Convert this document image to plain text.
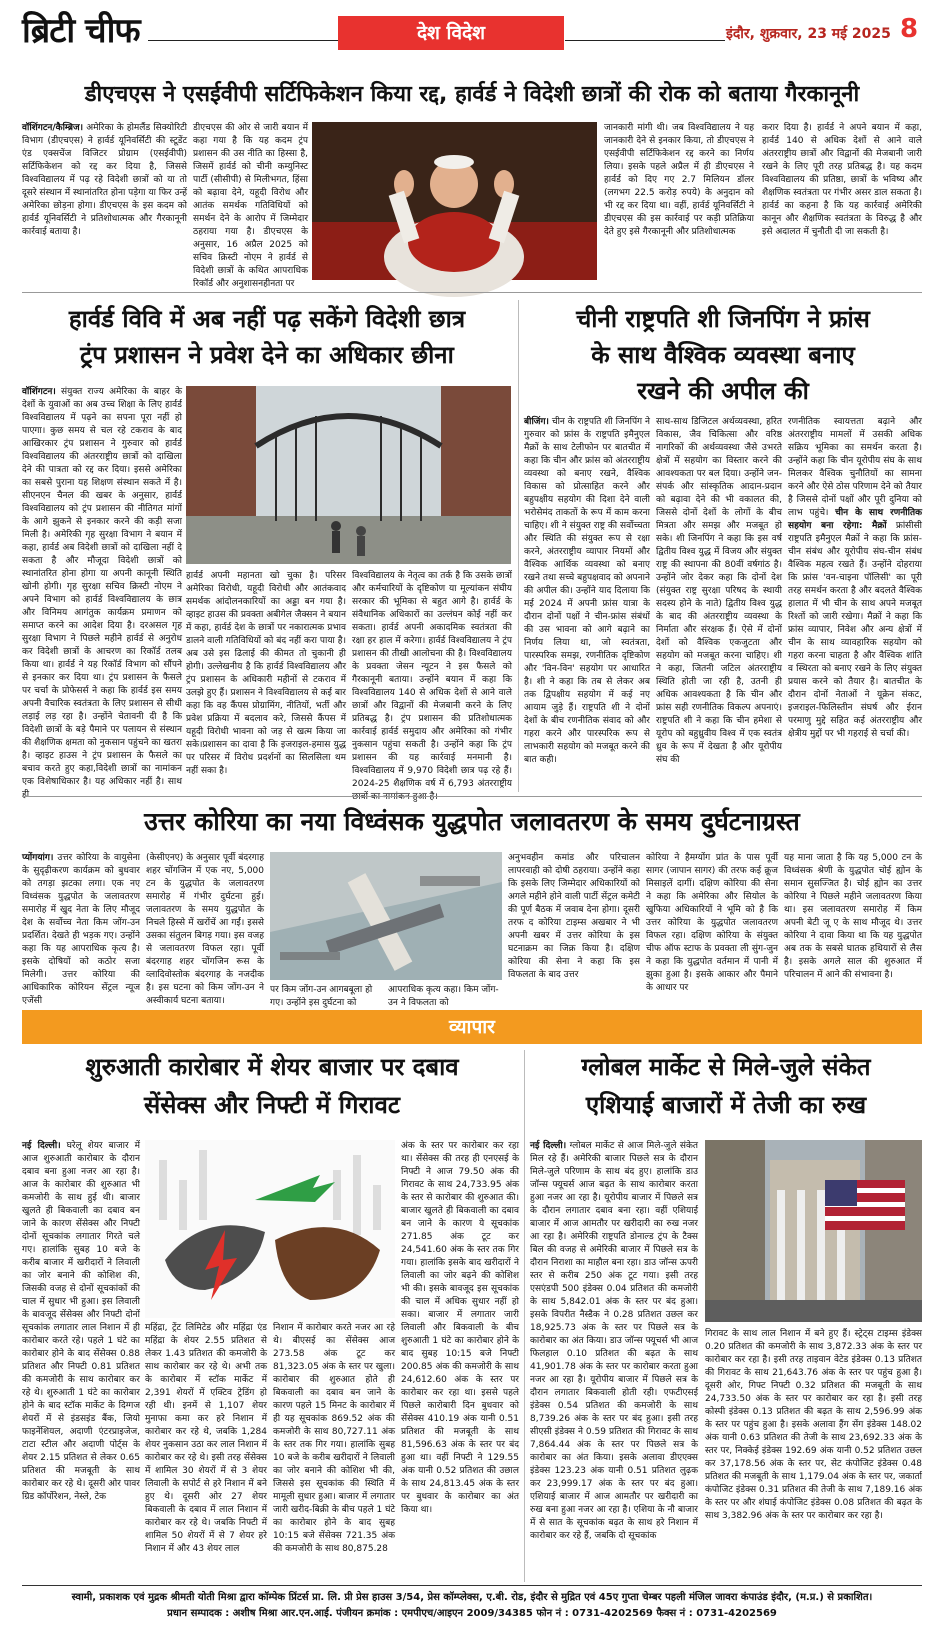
ब्रिटी चीफ	देश विदेश	इंदौर, शुक्रवार, 23 मई 2025 8
डीएचएस ने एसईवीपी सर्टिफिकेशन किया रद्द, हार्वर्ड ने विदेशी छात्रों की रोक को बताया गैरकानूनी
वॉशिंगटन/कैम्ब्रिज। अमेरिका के होमलैंड सिक्योरिटी विभाग (डीएचएस) ने हार्वर्ड यूनिवर्सिटी की स्टूडेंट एंड एक्सचेंज विजिटर प्रोग्राम (एसईवीपी) सर्टिफिकेशन को रद्द कर दिया है, जिससे विश्वविद्यालय में पढ़ रहे विदेशी छात्रों को या तो दूसरे संस्थान में स्थानांतरित होना पड़ेगा या फिर उन्हें अमेरिका छोड़ना होगा। डीएचएस के इस कदम को हार्वर्ड यूनिवर्सिटी ने प्रतिशोधात्मक और गैरकानूनी कार्रवाई बताया है।
डीएचएस की ओर से जारी बयान में कहा गया है कि यह कदम ट्रंप प्रशासन की उस नीति का हिस्सा है, जिसमें हार्वर्ड को चीनी कम्युनिस्ट पार्टी (सीसीपी) से मिलीभगत, हिंसा को बढ़ावा देने, यहूदी विरोध और आतंक समर्थक गतिविधियों को समर्थन देने के आरोप में जिम्मेदार ठहराया गया है। डीएचएस के अनुसार, 16 अप्रैल 2025 को सचिव क्रिस्टी नोएम ने हार्वर्ड से विदेशी छात्रों के कथित आपराधिक रिकॉर्ड और अनुशासनहीनता पर
जानकारी मांगी थी। जब विश्वविद्यालय ने यह जानकारी देने से इनकार किया, तो डीएचएस ने एसईवीपी सर्टिफिकेशन रद्द करने का निर्णय लिया। इसके पहले अप्रैल में ही डीएचएस ने हार्वर्ड को दिए गए 2.7 मिलियन डॉलर (लगभग 22.5 करोड़ रुपये) के अनुदान को भी रद्द कर दिया था। वहीं, हार्वर्ड यूनिवर्सिटी ने डीएचएस की इस कार्रवाई पर कड़ी प्रतिक्रिया देते हुए इसे गैरकानूनी और प्रतिशोधात्मक
करार दिया है। हार्वर्ड ने अपने बयान में कहा, हार्वर्ड 140 से अधिक देशों से आने वाले अंतरराष्ट्रीय छात्रों और विद्वानों की मेजबानी जारी रखने के लिए पूरी तरह प्रतिबद्ध है। यह कदम विश्वविद्यालय की प्रतिष्ठा, छात्रों के भविष्य और शैक्षणिक स्वतंत्रता पर गंभीर असर डाल सकता है। हार्वर्ड का कहना है कि यह कार्रवाई अमेरिकी कानून और शैक्षणिक स्वतंत्रता के विरुद्ध है और इसे अदालत में चुनौती दी जा सकती है।
हार्वर्ड विवि में अब नहीं पढ़ सकेंगे विदेशी छात्र
ट्रंप प्रशासन ने प्रवेश देने का अधिकार छीना
वॉशिंगटन। संयुक्त राज्य अमेरिका के बाहर के देशों के युवाओं का अब उच्च शिक्षा के लिए हार्वर्ड विश्वविद्यालय में पढ़ने का सपना पूरा नहीं हो पाएगा। कुछ समय से चल रहे टकराव के बाद आखिरकार ट्रंप प्रशासन ने गुरुवार को हार्वर्ड विश्वविद्यालय की अंतरराष्ट्रीय छात्रों को दाखिला देने की पात्रता को रद्द कर दिया। इससे अमेरिका का सबसे पुराना यह शिक्षण संस्थान सकते में है। सीएनएन चैनल की खबर के अनुसार, हार्वर्ड विश्वविद्यालय को ट्रंप प्रशासन की नीतिगत मांगों के आगे झुकने से इनकार करने की कड़ी सजा मिली है। अमेरिकी गृह सुरक्षा विभाग ने बयान में कहा, हार्वर्ड अब विदेशी छात्रों को दाखिला नहीं दे सकता है और मौजूदा विदेशी छात्रों को स्थानांतरित होना होगा या अपनी कानूनी स्थिति खोनी होगी। गृह सुरक्षा सचिव क्रिस्टी नोएम ने अपने विभाग को हार्वर्ड विश्वविद्यालय के छात्र और विनिमय आगंतुक कार्यक्रम प्रमाणन को समाप्त करने का आदेश दिया है। दरअसल गृह सुरक्षा विभाग ने पिछले महीने हार्वर्ड से अनुरोध कर विदेशी छात्रों के आचरण का रिकॉर्ड तलब किया था। हार्वर्ड ने यह रिकॉर्ड विभाग को सौंपने से इनकार कर दिया था। ट्रंप प्रशासन के फैसले पर चर्चा के प्रोफेसर्स ने कहा कि हार्वर्ड इस समय अपनी वैचारिक स्वतंत्रता के लिए प्रशासन से सीधी लड़ाई लड़ रहा है। उन्होंने चेतावनी दी है कि विदेशी छात्रों के बड़े पैमाने पर पलायन से संस्थान की शैक्षणिक क्षमता को नुकसान पहुंचने का खतरा है। व्हाइट हाउस ने ट्रंप प्रशासन के फैसले का बचाव करते हुए कहा,विदेशी छात्रों का नामांकन एक विशेषाधिकार है। यह अधिकार नहीं है। साथ ही
हार्वर्ड अपनी महानता खो चुका है। परिसर अमेरिका विरोधी, यहूदी विरोधी और आतंकवाद समर्थक आंदोलनकारियों का अड्डा बन गया है। व्हाइट हाउस की प्रवक्ता अबीगेल जैक्सन ने बयान में कहा, हार्वर्ड देश के छात्रों पर नकारात्मक प्रभाव डालने वाली गतिविधियों को बंद नहीं करा पाया है। अब उसे इस ढिलाई की कीमत तो चुकानी ही होगी। उल्लेखनीय है कि हार्वर्ड विश्वविद्यालय और ट्रंप प्रशासन के अधिकारी महीनों से टकराव में उलझे हुए हैं। प्रशासन ने विश्वविद्यालय से कई बार कहा कि वह कैंपस प्रोग्रामिंग, नीतियों, भर्ती और प्रवेश प्रक्रिया में बदलाव करे, जिससे कैंपस में यहूदी विरोधी भावना को जड़ से खत्म किया जा सके।प्रशासन का दावा है कि इजराइल-हमास युद्ध पर परिसर में विरोध प्रदर्शनों का सिलसिला थम नहीं सका है।
विश्वविद्यालय के नेतृत्व का तर्क है कि उसके छात्रों और कर्मचारियों के दृष्टिकोण या मूल्यांकन संघीय सरकार की भूमिका से बहुत आगे है। हार्वर्ड के संवैधानिक अधिकारों का उल्लंघन कोई नहीं कर सकता। हार्वर्ड अपनी अकादमिक स्वतंत्रता की रक्षा हर हाल में करेगा। हार्वर्ड विश्वविद्यालय ने ट्रंप प्रशासन की तीखी आलोचना की है। विश्वविद्यालय के प्रवक्ता जेसन न्यूटन ने इस फैसले को गैरकानूनी बताया। उन्होंने बयान में कहा कि विश्वविद्यालय 140 से अधिक देशों से आने वाले छात्रों और विद्वानों की मेजबानी करने के लिए प्रतिबद्ध है। ट्रंप प्रशासन की प्रतिशोधात्मक कार्रवाई हार्वर्ड समुदाय और अमेरिका को गंभीर नुकसान पहुंचा सकती है। उन्होंने कहा कि ट्रंप प्रशासन की यह कार्रवाई मनमानी है। विश्वविद्यालय में 9,970 विदेशी छात्र पढ़ रहे हैं। 2024-25 शैक्षणिक वर्ष में 6,793 अंतरराष्ट्रीय छात्रों का नामांकन हुआ है।
चीनी राष्ट्रपति शी जिनपिंग ने फ्रांस
के साथ वैश्विक व्यवस्था बनाए
रखने की अपील की
बीजिंग। चीन के राष्ट्रपति शी जिनपिंग ने गुरुवार को फ्रांस के राष्ट्रपति इमैनुएल मैक्रों के साथ टेलीफोन पर बातचीत में कहा कि चीन और फ्रांस को अंतरराष्ट्रीय व्यवस्था को बनाए रखने, वैश्विक विकास को प्रोत्साहित करने और बहुपक्षीय सहयोग की दिशा देने वाली भरोसेमंद ताकतों के रूप में काम करना चाहिए। शी ने संयुक्त राष्ट्र की सर्वोच्चता और स्थिति की संयुक्त रूप से रक्षा करने, अंतरराष्ट्रीय व्यापार नियमों और वैश्विक आर्थिक व्यवस्था को बनाए रखने तथा सच्चे बहुपक्षवाद को अपनाने की अपील की। उन्होंने याद दिलाया कि मई 2024 में अपनी फ्रांस यात्रा के दौरान दोनों पक्षों ने चीन-फ्रांस संबंधों की उस भावना को आगे बढ़ाने का निर्णय लिया था, जो स्वतंत्रता, पारस्परिक समझ, रणनीतिक दृष्टिकोण और 'विन-विन' सहयोग पर आधारित है। शी ने कहा कि तब से लेकर अब तक द्विपक्षीय सहयोग में कई नए आयाम जुड़े हैं। राष्ट्रपति शी ने दोनों देशों के बीच रणनीतिक संवाद को और गहरा करने और पारस्परिक रूप से लाभकारी सहयोग को मजबूत करने की बात कही।
साथ-साथ डिजिटल अर्थव्यवस्था, हरित विकास, जैव चिकित्सा और वरिष्ठ नागरिकों की अर्थव्यवस्था जैसे उभरते क्षेत्रों में सहयोग का विस्तार करने की आवश्यकता पर बल दिया। उन्होंने जन-संपर्क और सांस्कृतिक आदान-प्रदान को बढ़ावा देने की भी वकालत की, जिससे दोनों देशों के लोगों के बीच मित्रता और समझ और मजबूत हो सके। शी जिनपिंग ने कहा कि इस वर्ष द्वितीय विश्व युद्ध में विजय और संयुक्त राष्ट्र की स्थापना की 80वीं वर्षगांठ है। उन्होंने जोर देकर कहा कि दोनों देश (संयुक्त राष्ट्र सुरक्षा परिषद के स्थायी सदस्य होने के नाते) द्वितीय विश्व युद्ध के बाद की अंतरराष्ट्रीय व्यवस्था के निर्माता और संरक्षक हैं। ऐसे में दोनों देशों को वैश्विक एकजुटता और सहयोग को मजबूत करना चाहिए। शी ने कहा, जितनी जटिल अंतरराष्ट्रीय स्थिति होती जा रही है, उतनी ही अधिक आवश्यकता है कि चीन और फ्रांस सही रणनीतिक विकल्प अपनाएं। राष्ट्रपति शी ने कहा कि चीन हमेशा से यूरोप को बहुध्रुवीय विश्व में एक स्वतंत्र ध्रुव के रूप में देखता है और यूरोपीय संघ की
रणनीतिक स्वायत्तता बढ़ाने और अंतरराष्ट्रीय मामलों में उसकी अधिक सक्रिय भूमिका का समर्थन करता है। उन्होंने कहा कि चीन यूरोपीय संघ के साथ मिलकर वैश्विक चुनौतियों का सामना करने और ऐसे ठोस परिणाम देने को तैयार है जिससे दोनों पक्षों और पूरी दुनिया को लाभ पहुंचे। चीन के साथ रणनीतिक सहयोग बना रहेगा: मैक्रों फ्रांसीसी राष्ट्रपति इमैनुएल मैक्रों ने कहा कि फ्रांस-चीन संबंध और यूरोपीय संघ-चीन संबंध वैश्विक महत्व रखते हैं। उन्होंने दोहराया कि फ्रांस 'वन-चाइना पॉलिसी' का पूरी तरह समर्थन करता है और बदलते वैश्विक हालात में भी चीन के साथ अपने मजबूत रिश्तों को जारी रखेगा। मैक्रों ने कहा कि फ्रांस व्यापार, निवेश और अन्य क्षेत्रों में चीन के साथ व्यावहारिक सहयोग को गहरा करना चाहता है और वैश्विक शांति व स्थिरता को बनाए रखने के लिए संयुक्त प्रयास करने को तैयार है। बातचीत के दौरान दोनों नेताओं ने यूक्रेन संकट, इजराइल-फिलिस्तीन संघर्ष और ईरान परमाणु मुद्दे सहित कई अंतरराष्ट्रीय और क्षेत्रीय मुद्दों पर भी गहराई से चर्चा की।
उत्तर कोरिया का नया विध्वंसक युद्धपोत जलावतरण के समय दुर्घटनाग्रस्त
प्योंगयांग। उत्तर कोरिया के वायुसेना के सुदृढ़ीकरण कार्यक्रम को बुधवार को तगड़ा झटका लगा। एक नए विध्वंसक युद्धपोत के जलावतरण समारोह में खुद नेता के लिए मौजूद देश के सर्वोच्च नेता किम जोंग-उन प्रदर्शित। देखते ही भड़क गए। उन्होंने कहा कि यह आपराधिक कृत्य है। इसके दोषियों को कठोर सजा मिलेगी। उत्तर कोरिया की आधिकारिक कोरियन सेंट्रल न्यूज एजेंसी
(केसीएनए) के अनुसार पूर्वी बंदरगाह शहर चोंगजिन में एक नए, 5,000 टन के युद्धपोत के जलावतरण समारोह में गंभीर दुर्घटना हुई। जलावतरण के समय युद्धपोत के निचले हिस्से में खरोंचें आ गईं। इससे उसका संतुलन बिगड़ गया। इस वजह से जलावतरण विफल रहा। पूर्वी बंदरगाह शहर चोंगजिन रूस के व्लादिवोस्तोक बंदरगाह के नजदीक है। इस घटना को किम जोंग-उन ने अस्वीकार्य घटना बताया।
पर किम जोंग-उन आगबबूला हो गए। उन्होंने इस दुर्घटना को
आपराधिक कृत्य कहा। किम जोंग-उन ने विफलता को
अनुभवहीन कमांड और परिचालन लापरवाही को दोषी ठहराया। उन्होंने कहा कि इसके लिए जिम्मेदार अधिकारियों को अगले महीने होने वाली पार्टी सेंट्रल कमेटी की पूर्ण बैठक में जवाब देना होगा। दूसरी तरफ द कोरिया टाइम्स अखबार ने भी अपनी खबर में उत्तर कोरिया के इस घटनाक्रम का जिक्र किया है। दक्षिण कोरिया की सेना ने कहा कि इस विफलता के बाद उत्तर
कोरिया ने हैमग्योंग प्रांत के पास पूर्वी सागर (जापान सागर) की तरफ कई क्रूज मिसाइलें दागीं। दक्षिण कोरिया की सेना ने कहा कि अमेरिका और सियोल के खुफिया अधिकारियों ने भूमि को है कि उत्तर कोरिया के युद्धपोत जलावतरण विफल रहा। दक्षिण कोरिया के संयुक्त चीफ ऑफ स्टाफ के प्रवक्ता ली सुंग-जुन ने कहा कि युद्धपोत वर्तमान में पानी में झुका हुआ है। इसके आकार और पैमाने के आधार पर
यह माना जाता है कि यह 5,000 टन के विध्वंसक श्रेणी के युद्धपोत चोई ह्योन के समान सुसज्जित है। चोई ह्योन का उत्तर कोरिया ने पिछले महीने जलावतरण किया था। इस जलावतरण समारोह में किम अपनी बेटी जू ए के साथ मौजूद थे। उत्तर कोरिया ने दावा किया था कि यह युद्धपोत अब तक के सबसे घातक हथियारों से लैस है। इसके अगले साल की शुरुआत में परिचालन में आने की संभावना है।
व्यापार
शुरुआती कारोबार में शेयर बाजार पर दबाव
सेंसेक्स और निफ्टी में गिरावट
नई दिल्ली। घरेलू शेयर बाजार में आज शुरुआती कारोबार के दौरान दबाव बना हुआ नजर आ रहा है। आज के कारोबार की शुरुआत भी कमजोरी के साथ हुई थी। बाजार खुलते ही बिकवाली का दबाव बन जाने के कारण सेंसेक्स और निफ्टी दोनों सूचकांक लगातार गिरते चले गए। हालांकि सुबह 10 बजे के करीब बाजार में खरीदारों ने लिवाली का जोर बनाने की कोशिश की, जिसकी वजह से दोनों सूचकांकों की चाल में सुधार भी हुआ। इस लिवाली के बावजूद सेंसेक्स और निफ्टी दोनों सूचकांक लगातार लाल निशान में ही कारोबार करते रहे। पहले 1 घंटे का कारोबार होने के बाद सेंसेक्स 0.88 प्रतिशत और निफ्टी 0.81 प्रतिशत की कमजोरी के साथ कारोबार कर रहे थे। शुरुआती 1 घंटे का कारोबार होने के बाद स्टॉक मार्केट के दिग्गज शेयरों में से इंडसइंड बैंक, जियो फाइनेंशियल, अदाणी एंटरप्राइजेज, टाटा स्टील और अदाणी पोर्ट्स के शेयर 2.15 प्रतिशत से लेकर 0.65 प्रतिशत की मजबूती के साथ कारोबार कर रहे थे। दूसरी ओर पावर ग्रिड कॉर्पोरेशन, नेस्ले, टेक
महिंद्रा, ट्रेंट लिमिटेड और महिंद्रा एंड महिंद्रा के शेयर 2.55 प्रतिशत से लेकर 1.43 प्रतिशत की कमजोरी के साथ कारोबार कर रहे थे। अभी तक के कारोबार में स्टॉक मार्केट में 2,391 शेयरों में एक्टिव ट्रेडिंग हो रही थी। इनमें से 1,107 शेयर मुनाफा कमा कर हरे निशान में कारोबार कर रहे थे, जबकि 1,284 शेयर नुकसान उठा कर लाल निशान में कारोबार कर रहे थे। इसी तरह सेंसेक्स में शामिल 30 शेयरों में से 3 शेयर लिवाली के सपोर्ट से हरे निशान में बने हुए थे। दूसरी ओर 27 शेयर बिकवाली के दबाव में लाल निशान में कारोबार कर रहे थे। जबकि निफ्टी में शामिल 50 शेयरों में से 7 शेयर हरे निशान में और 43 शेयर लाल
निशान में कारोबार करते नजर आ रहे थे। बीएसई का सेंसेक्स आज 273.58 अंक टूट कर 81,323.05 अंक के स्तर पर खुला। कारोबार की शुरुआत होते ही बिकवाली का दबाव बन जाने के कारण पहले 15 मिनट के कारोबार में ही यह सूचकांक 869.52 अंक की कमजोरी के साथ 80,727.11 अंक के स्तर तक गिर गया। हालांकि सुबह 10 बजे के करीब खरीदारों ने लिवाली का जोर बनाने की कोशिश भी की, जिससे इस सूचकांक की स्थिति में मामूली सुधार हुआ। बाजार में लगातार जारी खरीद-बिक्री के बीच पहले 1 घंटे का कारोबार होने के बाद सुबह 10:15 बजे सेंसेक्स 721.35 अंक की कमजोरी के साथ 80,875.28
अंक के स्तर पर कारोबार कर रहा था। सेंसेक्स की तरह ही एनएसई के निफ्टी ने आज 79.50 अंक की गिरावट के साथ 24,733.95 अंक के स्तर से कारोबार की शुरुआत की। बाजार खुलते ही बिकवाली का दबाव बन जाने के कारण ये सूचकांक 271.85 अंक टूट कर 24,541.60 अंक के स्तर तक गिर गया। हालांकि इसके बाद खरीदारों ने लिवाली का जोर बढ़ने की कोशिश भी की। इसके बावजूद इस सूचकांक की चाल में अधिक सुधार नहीं हो सका। बाजार में लगातार जारी लिवाली और बिकवाली के बीच शुरुआती 1 घंटे का कारोबार होने के बाद सुबह 10:15 बजे निफ्टी 200.85 अंक की कमजोरी के साथ 24,612.60 अंक के स्तर पर कारोबार कर रहा था। इससे पहले पिछले कारोबारी दिन बुधवार को सेंसेक्स 410.19 अंक यानी 0.51 प्रतिशत की मजबूती के साथ 81,596.63 अंक के स्तर पर बंद हुआ था। वहीं निफ्टी ने 129.55 अंक यानी 0.52 प्रतिशत की उछाल के साथ 24,813.45 अंक के स्तर पर बुधवार के कारोबार का अंत किया था।
ग्लोबल मार्केट से मिले-जुले संकेत
एशियाई बाजारों में तेजी का रुख
नई दिल्ली। ग्लोबल मार्केट से आज मिले-जुले संकेत मिल रहे हैं। अमेरिकी बाजार पिछले सत्र के दौरान मिले-जुले परिणाम के साथ बंद हुए। हालांकि डाउ जॉन्स फ्यूचर्स आज बढ़त के साथ कारोबार करता हुआ नजर आ रहा है। यूरोपीय बाजार में पिछले सत्र के दौरान लगातार दबाव बना रहा। वहीं एशियाई बाजार में आज आमतौर पर खरीदारी का रुख नजर आ रहा है। अमेरिकी राष्ट्रपति डोनाल्ड ट्रंप के टैक्स बिल की वजह से अमेरिकी बाजार में पिछले सत्र के दौरान निराशा का माहौल बना रहा। डाउ जॉन्स ऊपरी स्तर से करीब 250 अंक टूट गया। इसी तरह एसएंडपी 500 इंडेक्स 0.04 प्रतिशत की कमजोरी के साथ 5,842.01 अंक के स्तर पर बंद हुआ। इसके विपरीत नैस्डैक ने 0.28 प्रतिशत उछल कर 18,925.73 अंक के स्तर पर पिछले सत्र के कारोबार का अंत किया। डाउ जॉन्स फ्यूचर्स भी आज फिलहाल 0.10 प्रतिशत की बढ़त के साथ 41,901.78 अंक के स्तर पर कारोबार करता हुआ नजर आ रहा है। यूरोपीय बाजार में पिछले सत्र के दौरान लगातार बिकवाली होती रही। एफटीएसई इंडेक्स 0.54 प्रतिशत की कमजोरी के साथ 8,739.26 अंक के स्तर पर बंद हुआ। इसी तरह सीएसी इंडेक्स ने 0.59 प्रतिशत की गिरावट के साथ 7,864.44 अंक के स्तर पर पिछले सत्र के कारोबार का अंत किया। इसके अलावा डीएएक्स इंडेक्स 123.23 अंक यानी 0.51 प्रतिशत लुढ़क कर 23,999.17 अंक के स्तर पर बंद हुआ। एशियाई बाजार में आज आमतौर पर खरीदारी का रुख बना हुआ नजर आ रहा है। एशिया के नौ बाजार में से सात के सूचकांक बढ़त के साथ हरे निशान में कारोबार कर रहे हैं, जबकि दो सूचकांक
गिरावट के साथ लाल निशान में बने हुए हैं। स्ट्रेट्स टाइम्स इंडेक्स 0.20 प्रतिशत की कमजोरी के साथ 3,872.33 अंक के स्तर पर कारोबार कर रहा है। इसी तरह ताइवान वेटेड इंडेक्स 0.13 प्रतिशत की गिरावट के साथ 21,643.76 अंक के स्तर पर पहुंच हुआ है। दूसरी ओर, गिफ्ट निफ्टी 0.32 प्रतिशत की मजबूती के साथ 24,733.50 अंक के स्तर पर कारोबार कर रहा है। इसी तरह कोस्पी इंडेक्स 0.13 प्रतिशत की बढ़त के साथ 2,596.99 अंक के स्तर पर पहुंच हुआ है। इसके अलावा हैंग सेंग इंडेक्स 148.02 अंक यानी 0.63 प्रतिशत की तेजी के साथ 23,692.33 अंक के स्तर पर, निक्केई इंडेक्स 192.69 अंक यानी 0.52 प्रतिशत उछल कर 37,178.56 अंक के स्तर पर, सेट कंपोजिट इंडेक्स 0.48 प्रतिशत की मजबूती के साथ 1,179.04 अंक के स्तर पर, जकार्ता कंपोजिट इंडेक्स 0.31 प्रतिशत की तेजी के साथ 7,189.16 अंक के स्तर पर और शंघाई कंपोजिट इंडेक्स 0.08 प्रतिशत की बढ़त के साथ 3,382.96 अंक के स्तर पर कारोबार कर रहा है।
स्वामी, प्रकाशक एवं मुद्रक श्रीमती योती मिश्रा द्वारा कॉम्पेक प्रिंटर्स प्रा. लि. प्री प्रेस हाउस 3/54, प्रेस कॉम्प्लेक्स, ए.बी. रोड, इंदौर से मुद्रित एवं 45ए गुप्ता चेम्बर पहली मंजिल जावरा कंपाउंड इंदौर, (म.प्र.) से प्रकाशित।
प्रधान सम्पादक : अशीष मिश्रा आर.एन.आई. पंजीयन क्रमांक : एमपीएच/आइएन 2009/34385 फोन नं : 0731-4202569 फैक्स नं : 0731-4202569
